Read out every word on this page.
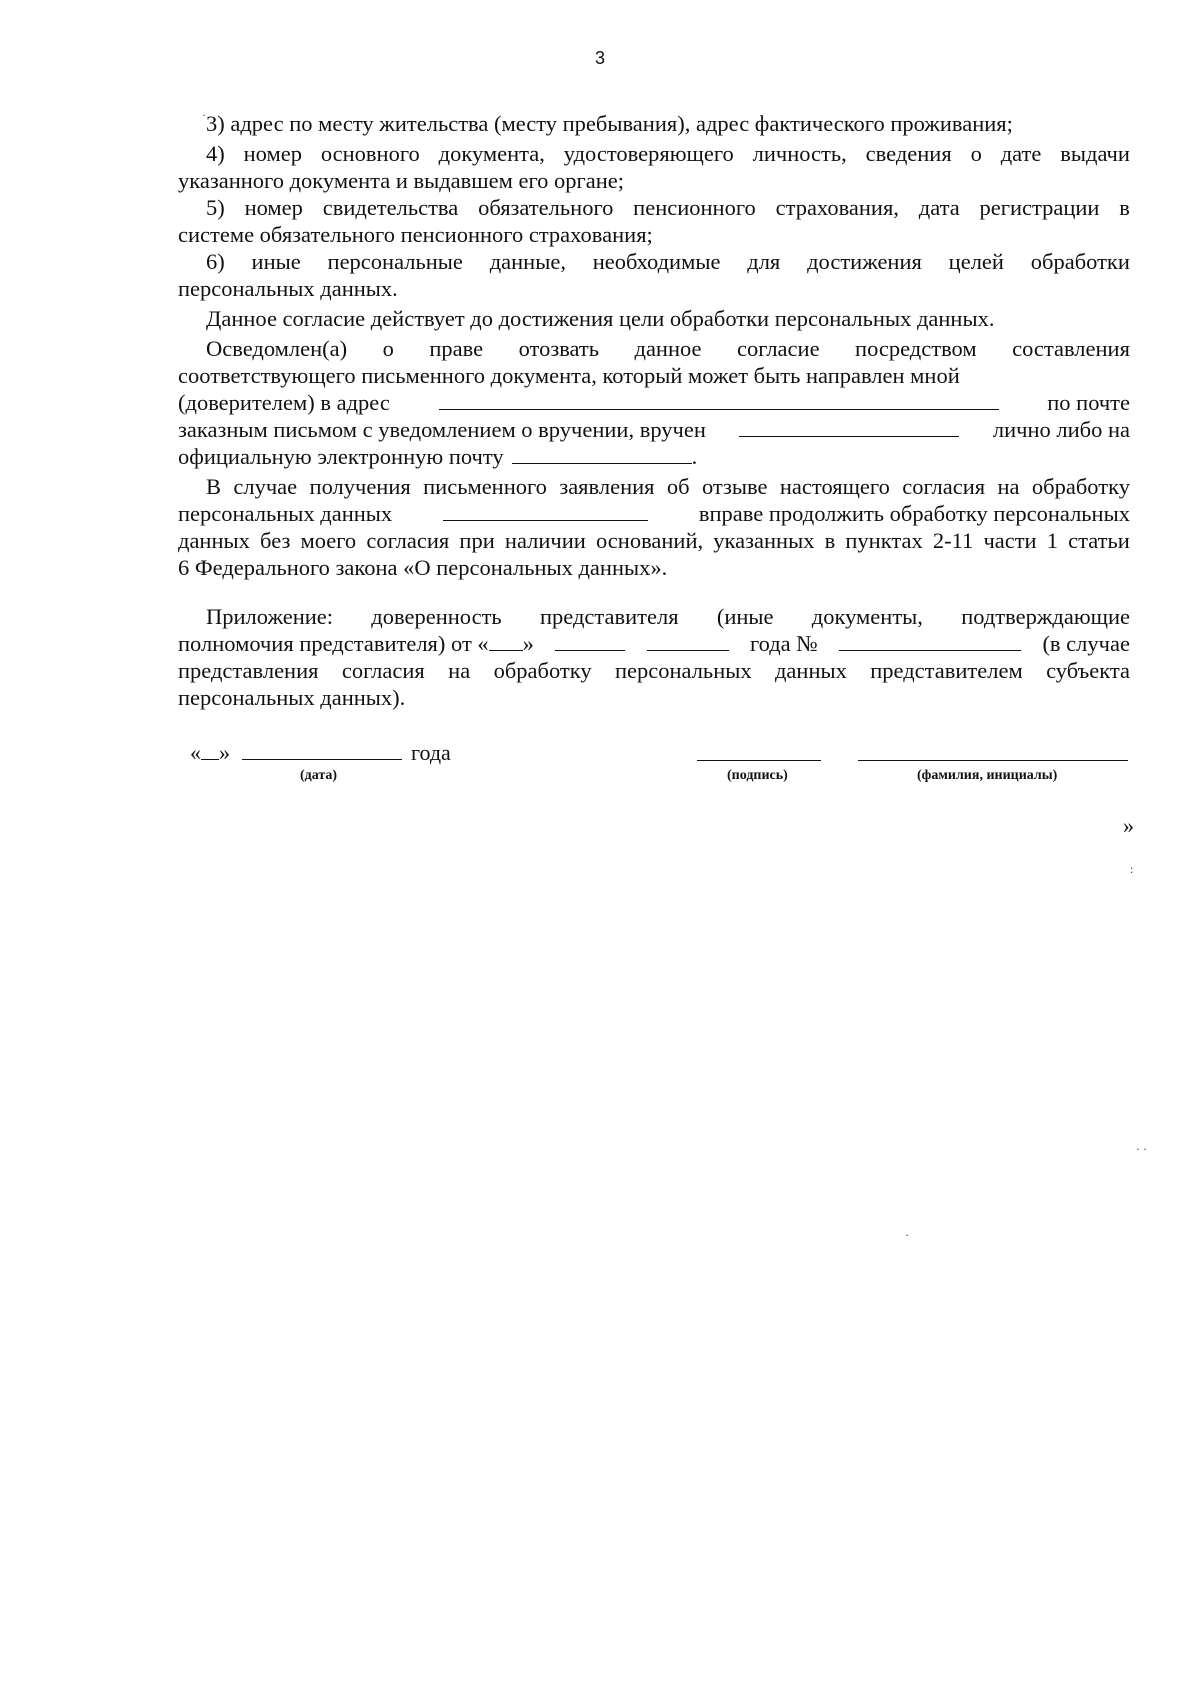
3
3) адрес по месту жительства (месту пребывания), адрес фактического проживания;
4) номер основного документа, удостоверяющего личность, сведения о дате выдачи
указанного документа и выдавшем его органе;
5) номер свидетельства обязательного пенсионного страхования, дата регистрации в
системе обязательного пенсионного страхования;
6) иные персональные данные, необходимые для достижения целей обработки
персональных данных.
Данное согласие действует до достижения цели обработки персональных данных.
Осведомлен(а) о праве отозвать данное согласие посредством составления
соответствующего письменного документа, который может быть направлен мной
(доверителем) в адрес	по почте
заказным письмом с уведомлением о вручении, вручен	лично либо на
официальную электронную почту	.
В случае получения письменного заявления об отзыве настоящего согласия на обработку
персональных данных	вправе продолжить обработку персональных
данных без моего согласия при наличии оснований, указанных в пунктах 2-11 части 1 статьи
6 Федерального закона «О персональных данных».
Приложение: доверенность представителя (иные документы, подтверждающие
полномочия представителя) от « »	года №	(в случае
представления согласия на обработку персональных данных представителем субъекта
персональных данных).
« »	года
(дата)	(подпись)	(фамилия, инициалы)
»
·
:
· ·
·
